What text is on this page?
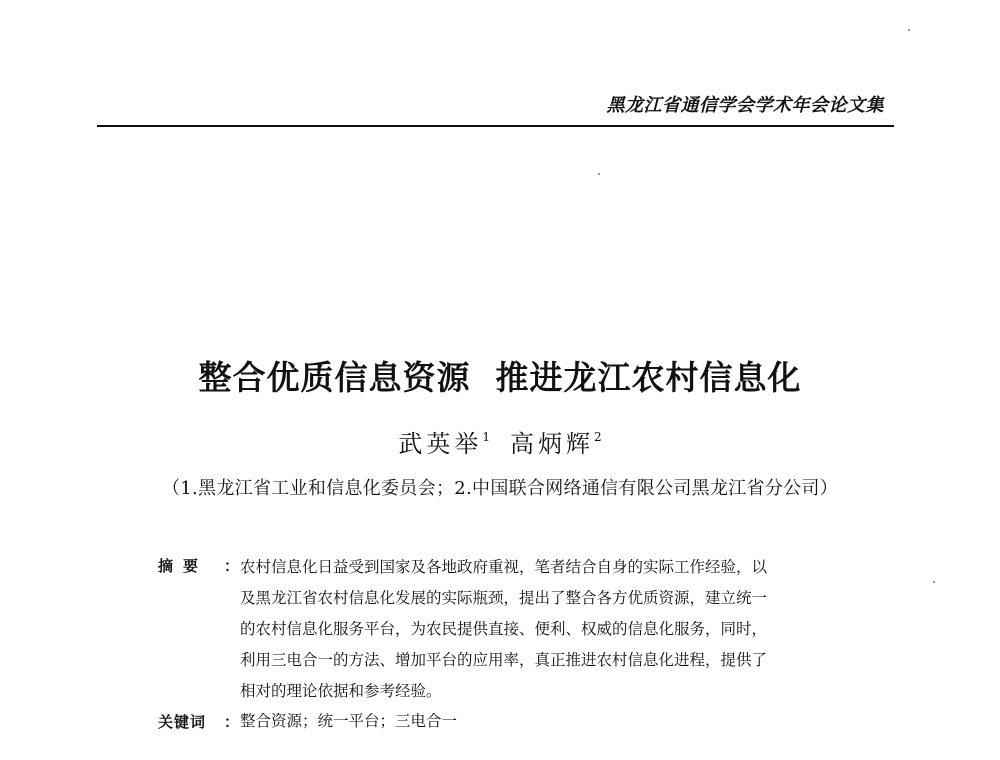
黑龙江省通信学会学术年会论文集
整合优质信息资源  推进龙江农村信息化
武英举$^1$ 高炳辉$^2$
（1.黑龙江省工业和信息化委员会；2.中国联合网络通信有限公司黑龙江省分公司）
摘要 ： 农村信息化日益受到国家及各地政府重视，笔者结合自身的实际工作经验，以
及黑龙江省农村信息化发展的实际瓶颈，提出了整合各方优质资源，建立统一
的农村信息化服务平台，为农民提供直接、便利、权威的信息化服务，同时，
利用三电合一的方法、增加平台的应用率，真正推进农村信息化进程，提供了
相对的理论依据和参考经验。
关键词 ： 整合资源；统一平台；三电合一
